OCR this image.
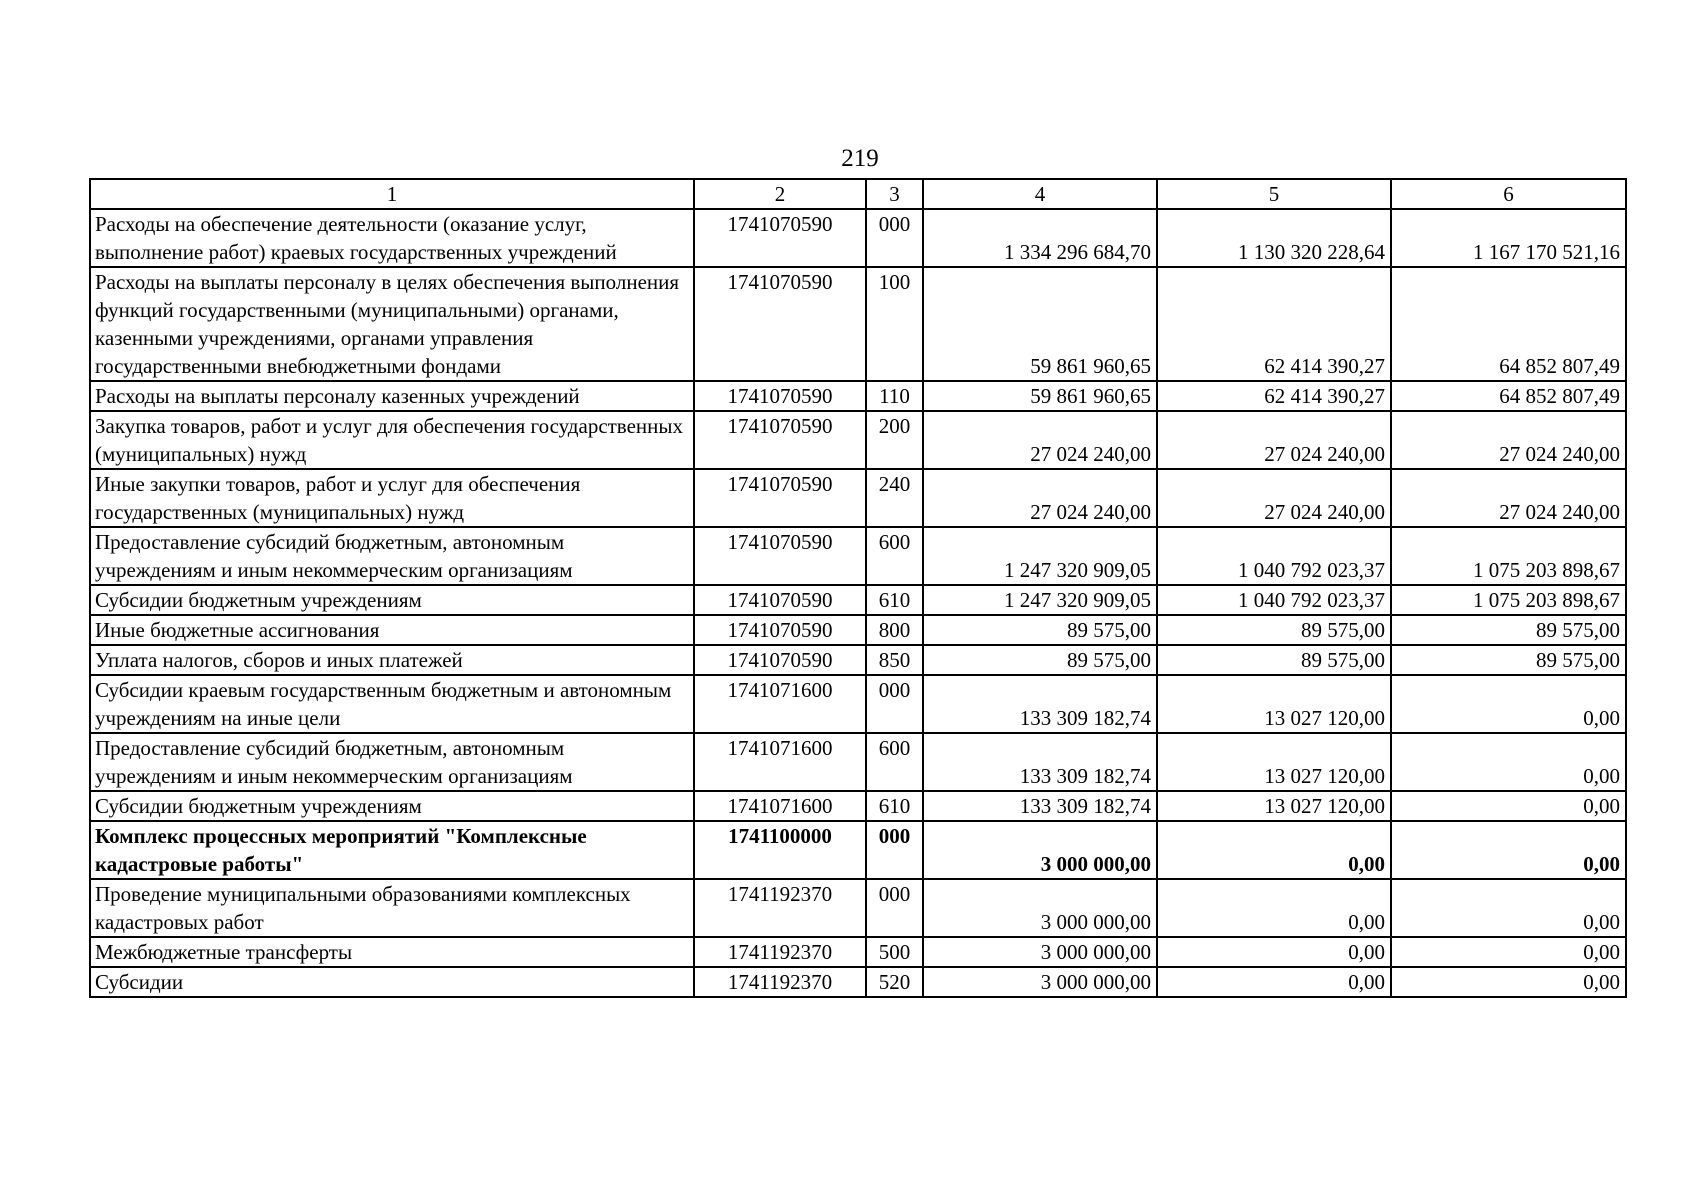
219
1	2	3	4	5	6
Расходы на обеспечение деятельности (оказание услуг, выполнение работ) краевых государственных учреждений	1741070590	000	1 334 296 684,70	1 130 320 228,64	1 167 170 521,16
Расходы на выплаты персоналу в целях обеспечения выполнения функций государственными (муниципальными) органами, казенными учреждениями, органами управления государственными внебюджетными фондами	1741070590	100	59 861 960,65	62 414 390,27	64 852 807,49
Расходы на выплаты персоналу казенных учреждений	1741070590	110	59 861 960,65	62 414 390,27	64 852 807,49
Закупка товаров, работ и услуг для обеспечения государственных (муниципальных) нужд	1741070590	200	27 024 240,00	27 024 240,00	27 024 240,00
Иные закупки товаров, работ и услуг для обеспечения государственных (муниципальных) нужд	1741070590	240	27 024 240,00	27 024 240,00	27 024 240,00
Предоставление субсидий бюджетным, автономным учреждениям и иным некоммерческим организациям	1741070590	600	1 247 320 909,05	1 040 792 023,37	1 075 203 898,67
Субсидии бюджетным учреждениям	1741070590	610	1 247 320 909,05	1 040 792 023,37	1 075 203 898,67
Иные бюджетные ассигнования	1741070590	800	89 575,00	89 575,00	89 575,00
Уплата налогов, сборов и иных платежей	1741070590	850	89 575,00	89 575,00	89 575,00
Субсидии краевым государственным бюджетным и автономным учреждениям на иные цели	1741071600	000	133 309 182,74	13 027 120,00	0,00
Предоставление субсидий бюджетным, автономным учреждениям и иным некоммерческим организациям	1741071600	600	133 309 182,74	13 027 120,00	0,00
Субсидии бюджетным учреждениям	1741071600	610	133 309 182,74	13 027 120,00	0,00
Комплекс процессных мероприятий "Комплексные кадастровые работы"	1741100000	000	3 000 000,00	0,00	0,00
Проведение муниципальными образованиями комплексных кадастровых работ	1741192370	000	3 000 000,00	0,00	0,00
Межбюджетные трансферты	1741192370	500	3 000 000,00	0,00	0,00
Субсидии	1741192370	520	3 000 000,00	0,00	0,00
